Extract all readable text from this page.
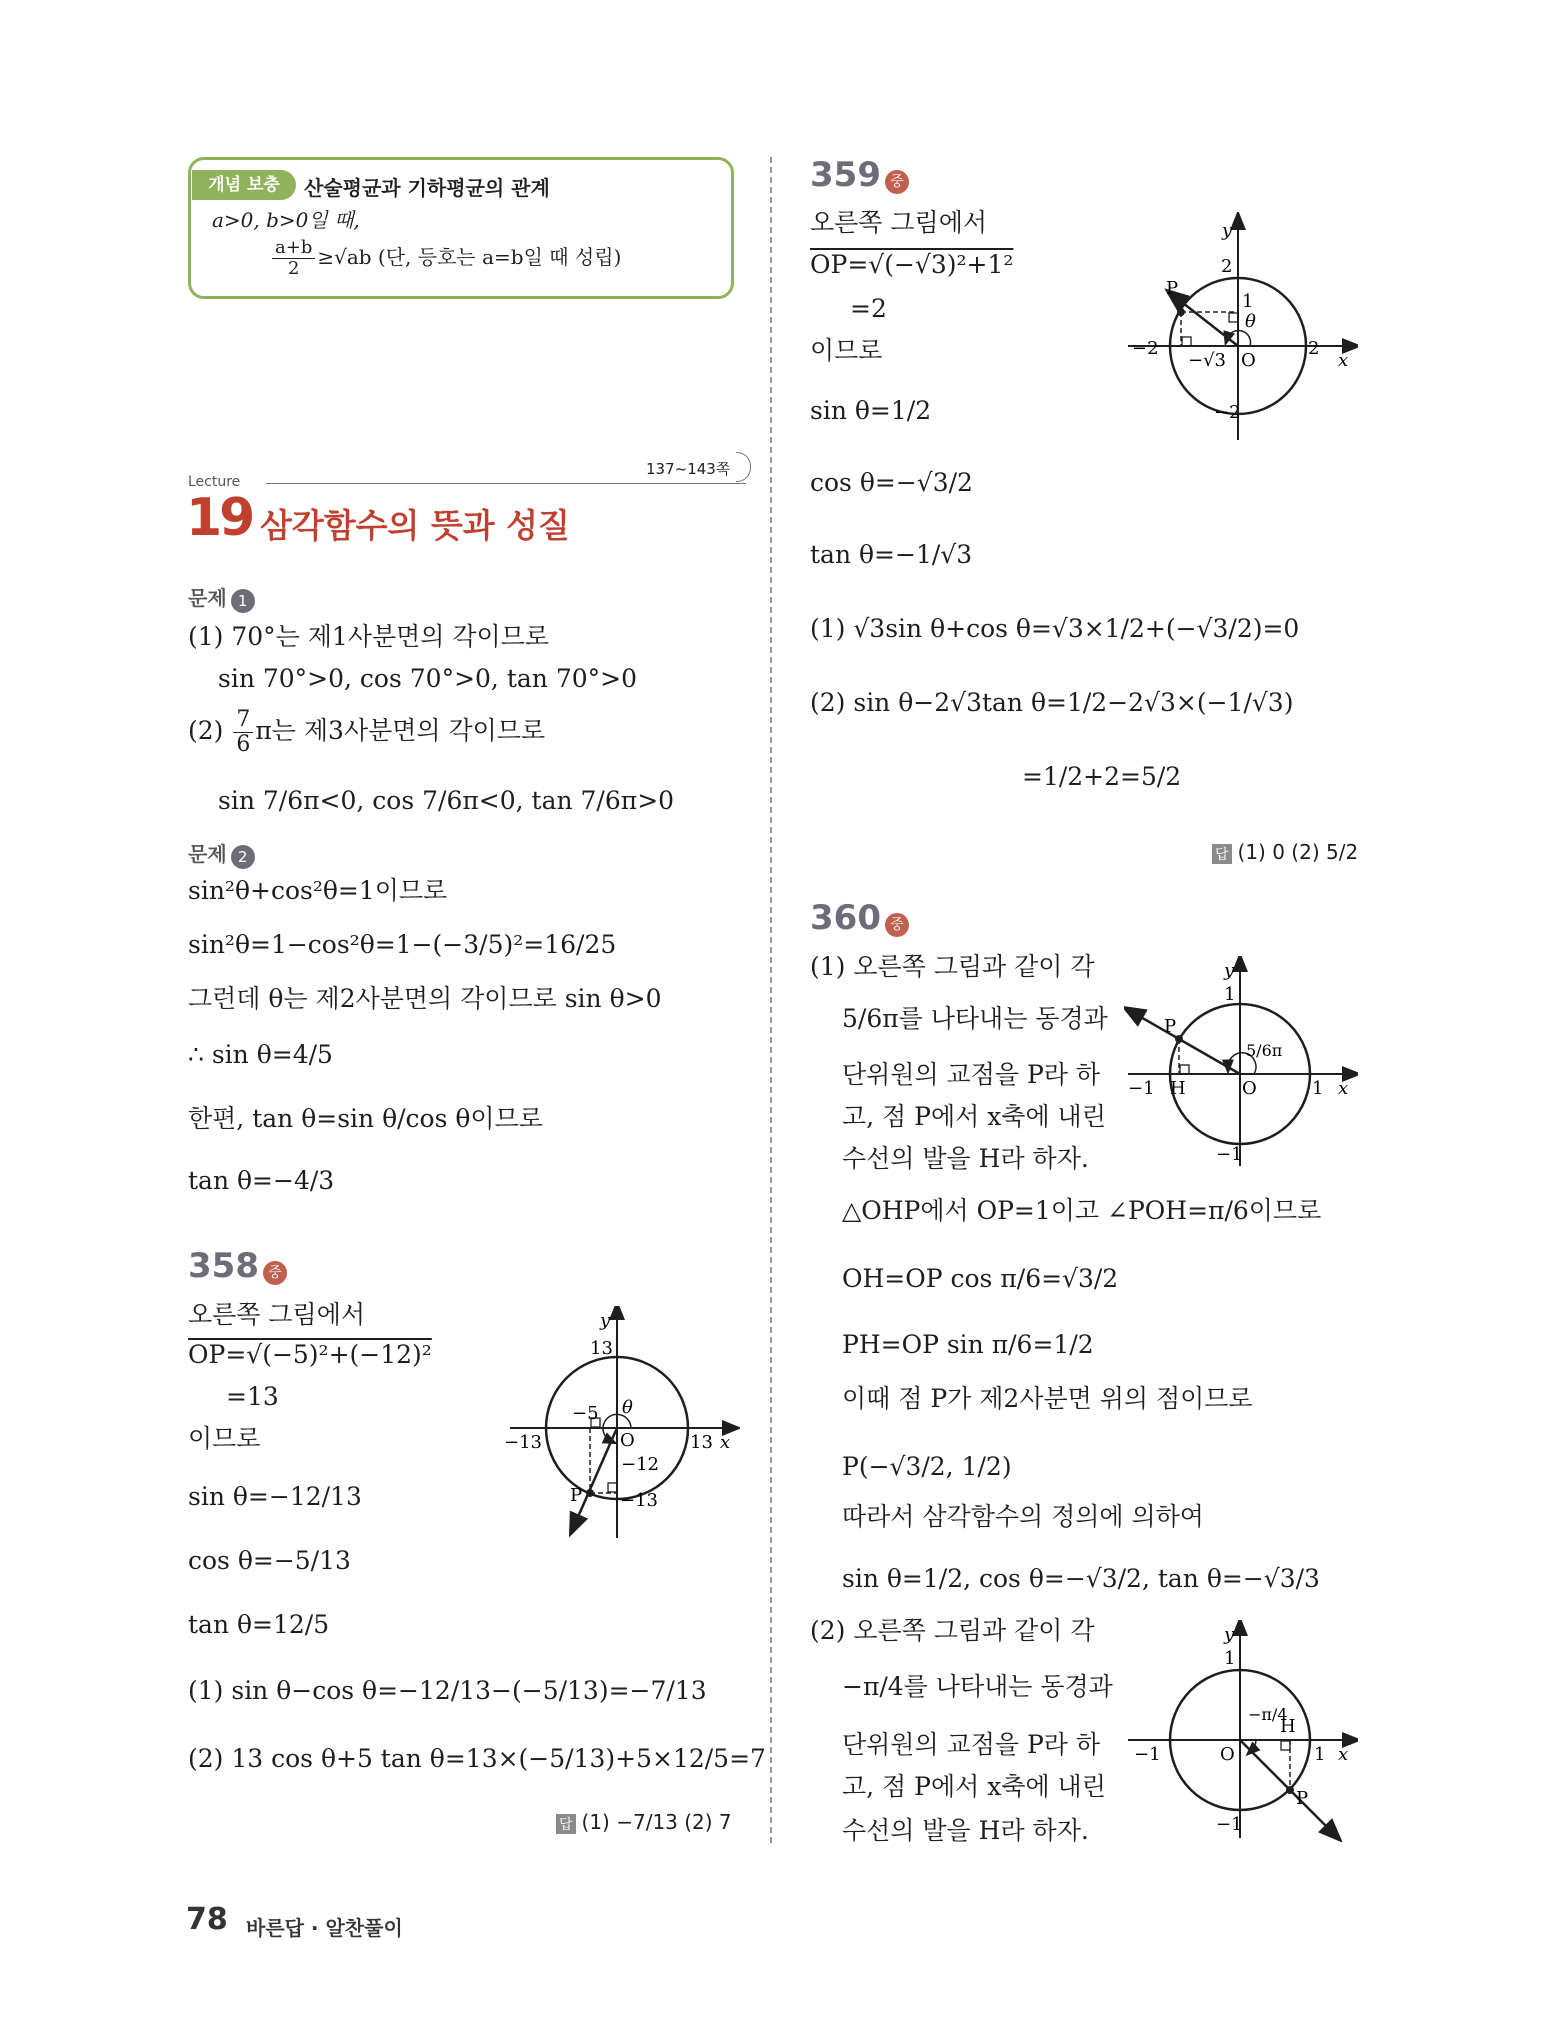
개념 보충	산술평균과 기하평균의 관계
a>0, b>0일 때,
$\frac{a+b}{2} \ge√ab$ (단, 등호는 a=b일 때 성립)
Lecture
137~143쪽
19 삼각함수의 뜻과 성질
문제 1
(1) 70°는 제1사분면의 각이므로
sin 70°>0, cos 70°>0, tan 70°>0
$(2) \frac{7}{6}$ π는 제3사분면의 각이므로
sin 7/6π<0, cos 7/6π<0, tan 7/6π>0
문제 2
sin²θ+cos²θ=1이므로
sin²θ=1−cos²θ=1−(−3/5)²=16/25
그런데 θ는 제2사분면의 각이므로 sin θ>0
∴ sin θ=4/5
한편, tan θ=sin θ/cos θ이므로
tan θ=−4/3
358 중
오른쪽 그림에서
OP=√(−5)²+(−12)²
=13
이므로
sin θ=−12/13
cos θ=−5/13
tan θ=12/5
(1) sin θ−cos θ=−12/13−(−5/13)=−7/13
(2) 13 cos θ+5 tan θ=13×(−5/13)+5×12/5=7
답 (1) −7/13 (2) 7
y
x
13
−13	13
−5
O
θ
−12
−13
P
359 중
오른쪽 그림에서
OP=√(−√3)²+1²
=2
이므로
sin θ=1/2
cos θ=−√3/2
tan θ=−1/√3
(1) √3sin θ+cos θ=√3×1/2+(−√3/2)=0
(2) sin θ−2√3tan θ=1/2−2√3×(−1/√3)
=1/2+2=5/2
답 (1) 0 (2) 5/2
y
x
2
−2	2
−2
1
−√3 O
P
θ
360 중
(1) 오른쪽 그림과 같이 각
5/6π를 나타내는 동경과
단위원의 교점을 P라 하
고, 점 P에서 x축에 내린
수선의 발을 H라 하자.
△OHP에서 OP=1이고 ∠POH=π/6이므로
OH=OP cos π/6=√3/2
PH=OP sin π/6=1/2
이때 점 P가 제2사분면 위의 점이므로
P(−√3/2, 1/2)
따라서 삼각함수의 정의에 의하여
sin θ=1/2, cos θ=−√3/2, tan θ=−√3/3
(2) 오른쪽 그림과 같이 각
−π/4를 나타내는 동경과
단위원의 교점을 P라 하
고, 점 P에서 x축에 내린
수선의 발을 H라 하자.
y
x
1
−1	1
−1
H	O
P
5/6π
y
x
1
−1	1
−1
H
O
P
−π/4
78 바른답 · 알찬풀이
